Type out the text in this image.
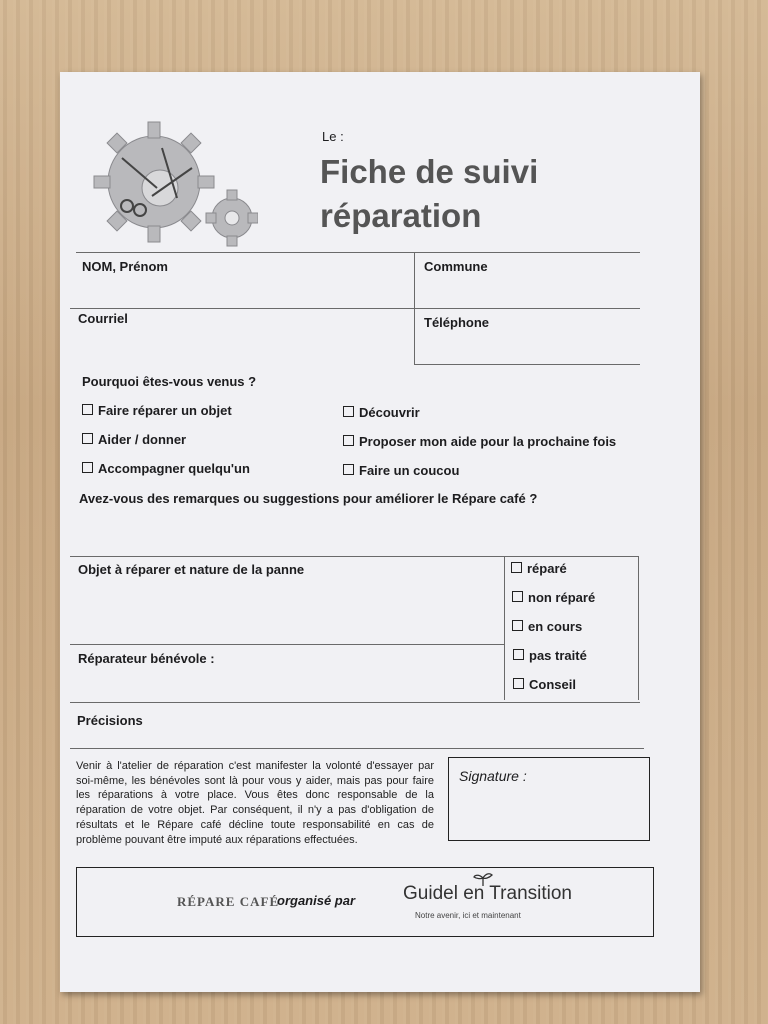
Le :
Fiche de suivi
réparation
NOM, Prénom	Commune
Courriel	Téléphone
Pourquoi êtes-vous venus ?
Faire réparer un objet
Aider / donner
Accompagner quelqu'un
Découvrir
Proposer mon aide pour la prochaine fois
Faire un coucou
Avez-vous des remarques ou suggestions pour améliorer le Répare café ?
Objet à réparer et nature de la panne
Réparateur bénévole :
réparé
non réparé
en cours
pas traité
Conseil
Précisions
Venir à l'atelier de réparation c'est manifester la volonté d'essayer par soi-même, les bénévoles sont là pour vous y aider, mais pas pour faire les réparations à votre place. Vous êtes donc responsable de la réparation de votre objet. Par conséquent, il n'y a pas d'obligation de résultats et le Répare café décline toute responsabilité en cas de problème pouvant être imputé aux réparations effectuées.
Signature :
RÉPARE CAFÉ
organisé par	Guidel en Transition
Notre avenir, ici et maintenant
